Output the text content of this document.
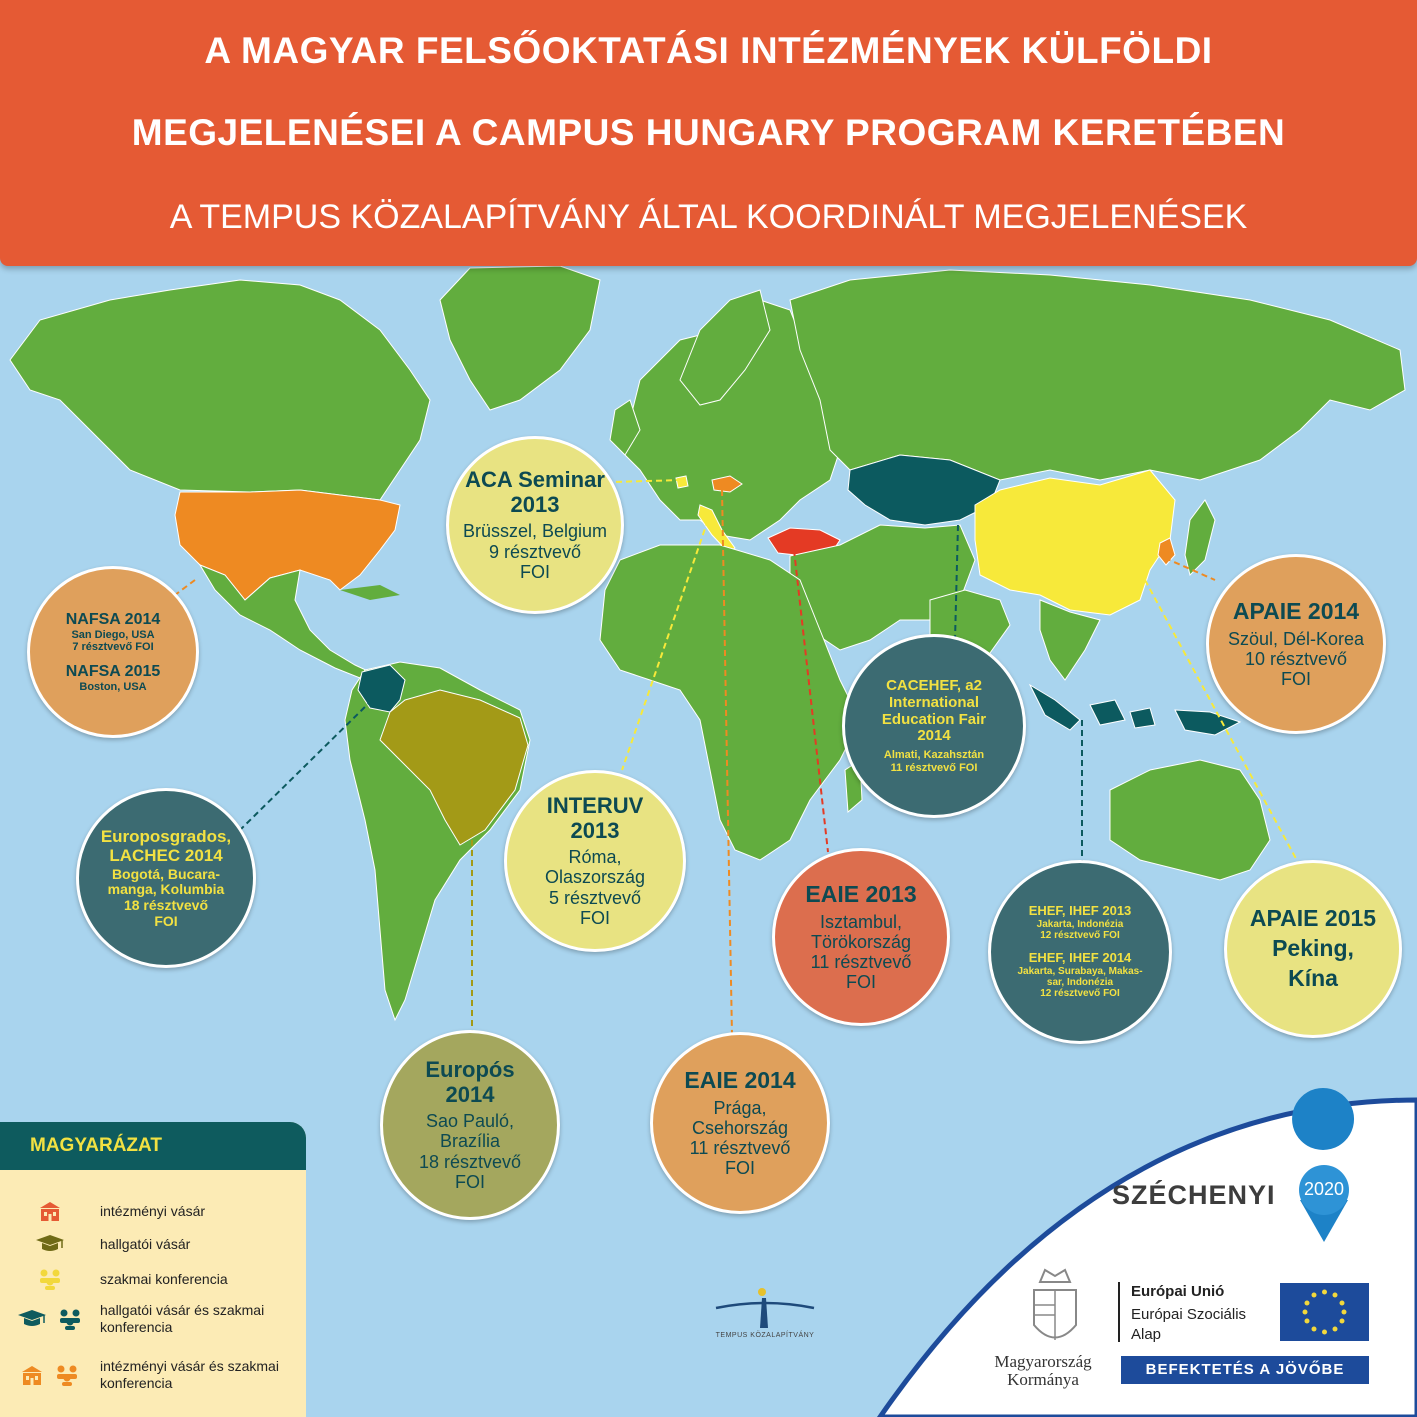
A MAGYAR FELSŐOKTATÁSI INTÉZMÉNYEK KÜLFÖLDI
MEGJELENÉSEI A CAMPUS HUNGARY PROGRAM KERETÉBEN
A TEMPUS KÖZALAPÍTVÁNY ÁLTAL KOORDINÁLT MEGJELENÉSEK
ACA Seminar 2013
Brüsszel, Belgium
9 résztvevő
FOI
NAFSA 2014
San Diego, USA
7 résztvevő FOI
NAFSA 2015
Boston, USA
APAIE 2014
Szöul, Dél-Korea
10 résztvevő
FOI
CACEHEF, a2 International Education Fair 2014
Almati, Kazahsztán
11 résztvevő FOI
Europosgrados, LACHEC 2014
Bogotá, Bucara-
manga, Kolumbia
18 résztvevő
FOI
INTERUV 2013
Róma,
Olaszország
5 résztvevő
FOI
EAIE 2013
Isztambul,
Törökország
11 résztvevő
FOI
EHEF, IHEF 2013
Jakarta, Indonézia
12 résztvevő FOI
EHEF, IHEF 2014
Jakarta, Surabaya, Makas-
sar, Indonézia
12 résztvevő FOI
APAIE 2015 Peking, Kína
Europós 2014
Sao Pauló,
Brazília
18 résztvevő
FOI
EAIE 2014
Prága,
Csehország
11 résztvevő
FOI
TEMPUS KÖZALAPÍTVÁNY
MAGYARÁZAT
intézményi vásár
hallgatói vásár
szakmai konferencia
hallgatói vásár és szakmai konferencia
intézményi vásár és szakmai konferencia
SZÉCHENYI 2020
Magyarország
Kormánya
Európai Unió
Európai Szociális
Alap
BEFEKTETÉS A JÖVŐBE
